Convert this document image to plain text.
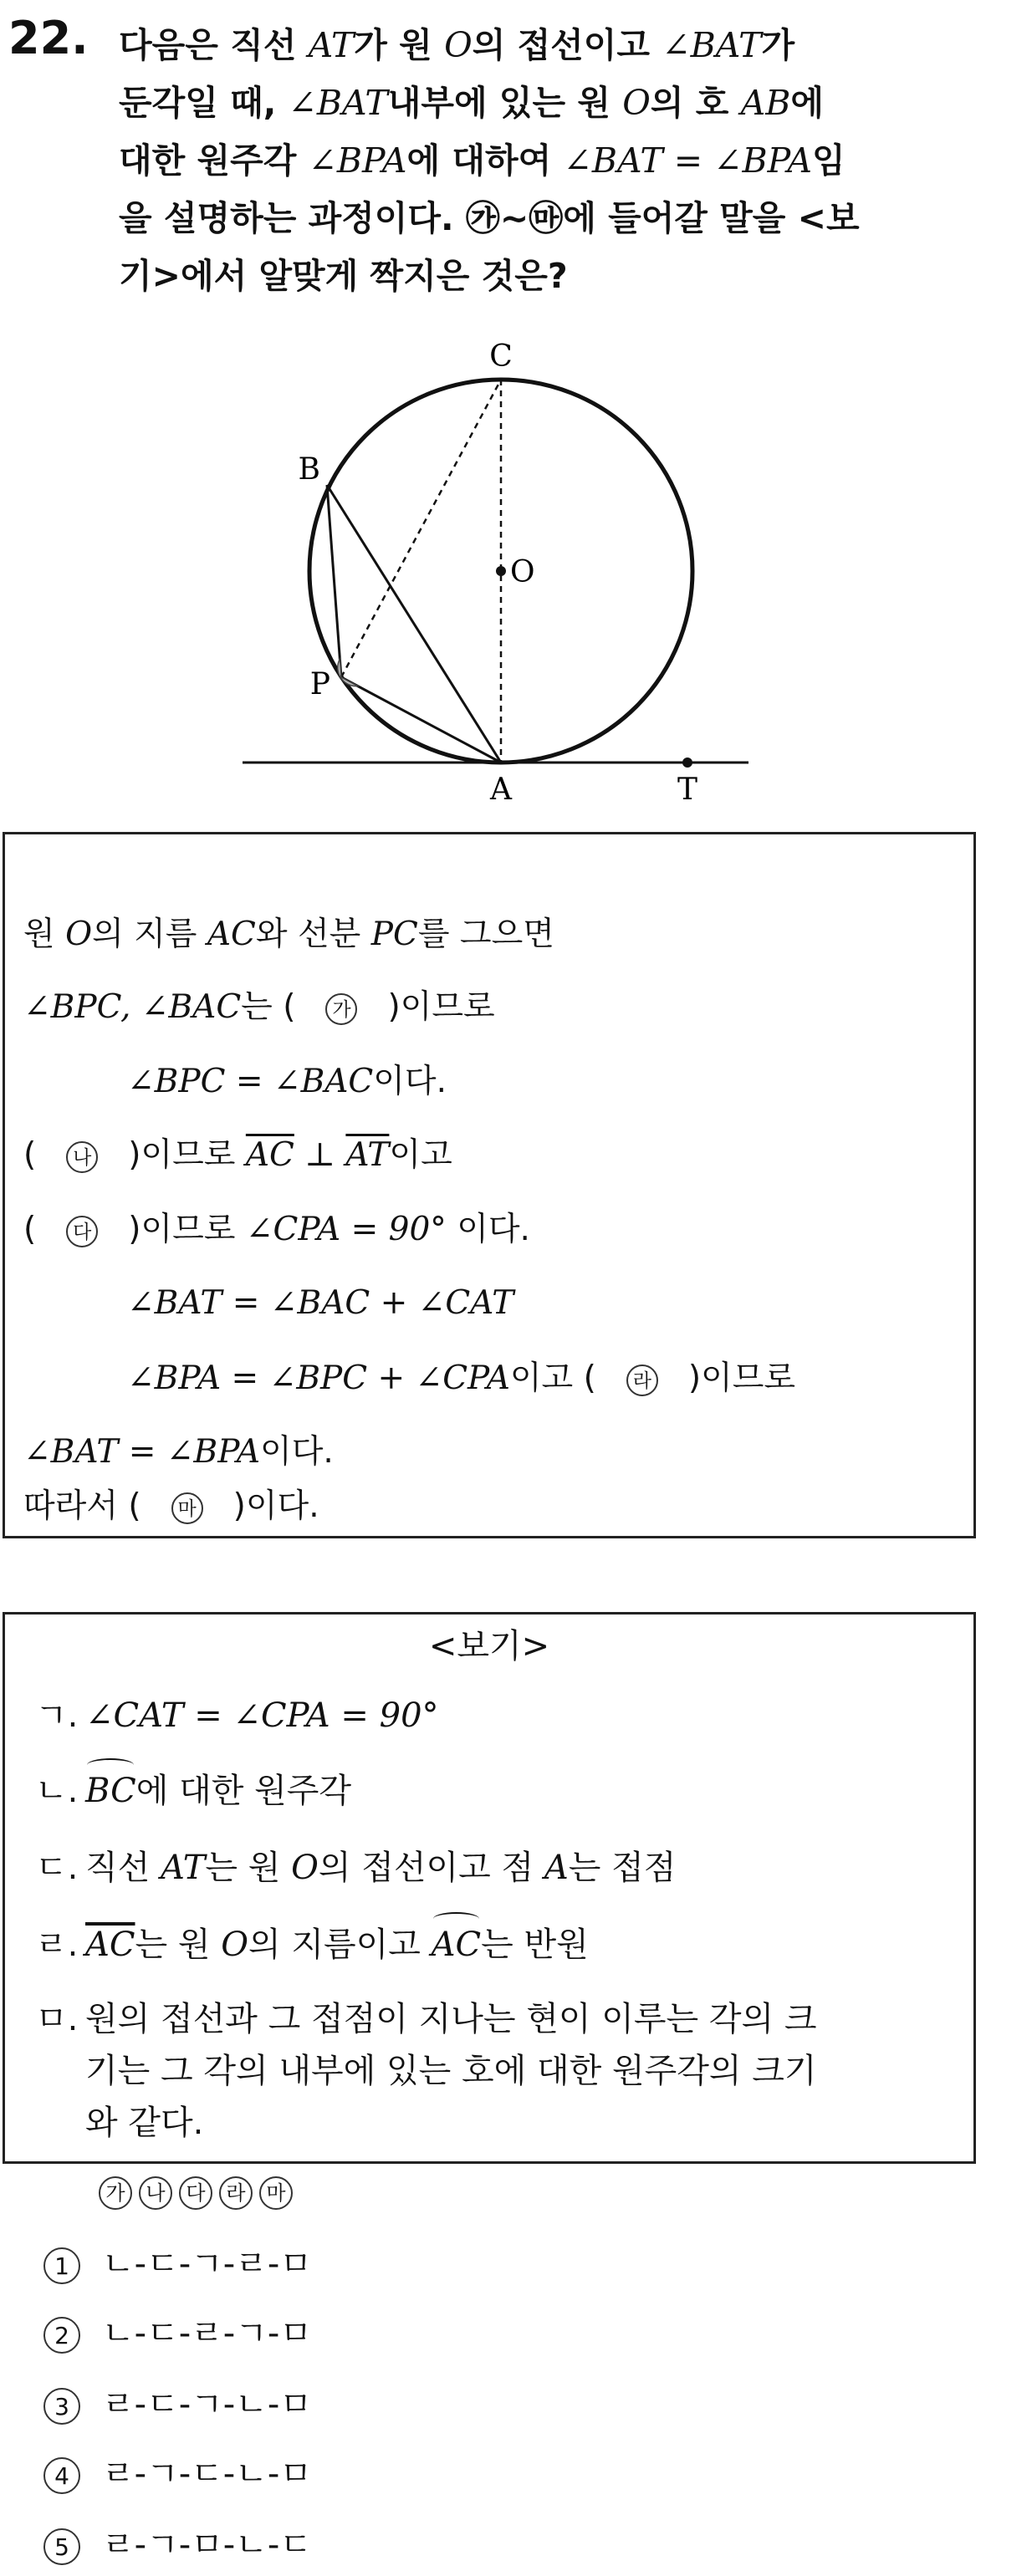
22. 다음은 직선 AT가 원 O의 접선이고 ∠BAT가
둔각일 때, ∠BAT내부에 있는 원 O의 호 AB에
대한 원주각 ∠BPA에 대하여 ∠BAT = ∠BPA임
을 설명하는 과정이다. ㉮~㉲에 들어갈 말을 <보
기>에서 알맞게 짝지은 것은?
C
B
O
P
A	T
원 O의 지름 AC와 선분 PC를 그으면
∠BPC, ∠BAC는 ( 가 )이므로
∠BPC = ∠BAC이다.
( 나 )이므로 $\overline{AC}$ ⊥ $\overline{AT}$이고
( 다 )이므로 ∠CPA = 90° 이다.
∠BAT = ∠BAC + ∠CAT
∠BPA = ∠BPC + ∠CPA이고 ( 라 )이므로
∠BAT = ∠BPA이다.
따라서 ( 마 )이다.
<보기>
ㄱ. ∠CAT = ∠CPA = 90°
ㄴ. BC에 대한 원주각
ㄷ. 직선 AT는 원 O의 접선이고 점 A는 접점
ㄹ. $\overline{AC}$는 원 O의 지름이고 AC는 반원
ㅁ. 원의 접선과 그 접점이 지나는 현이 이루는 각의 크
기는 그 각의 내부에 있는 호에 대한 원주각의 크기
와 같다.
가 나 다 라 마
1 ㄴ-ㄷ-ㄱ-ㄹ-ㅁ
2 ㄴ-ㄷ-ㄹ-ㄱ-ㅁ
3 ㄹ-ㄷ-ㄱ-ㄴ-ㅁ
4 ㄹ-ㄱ-ㄷ-ㄴ-ㅁ
5 ㄹ-ㄱ-ㅁ-ㄴ-ㄷ
